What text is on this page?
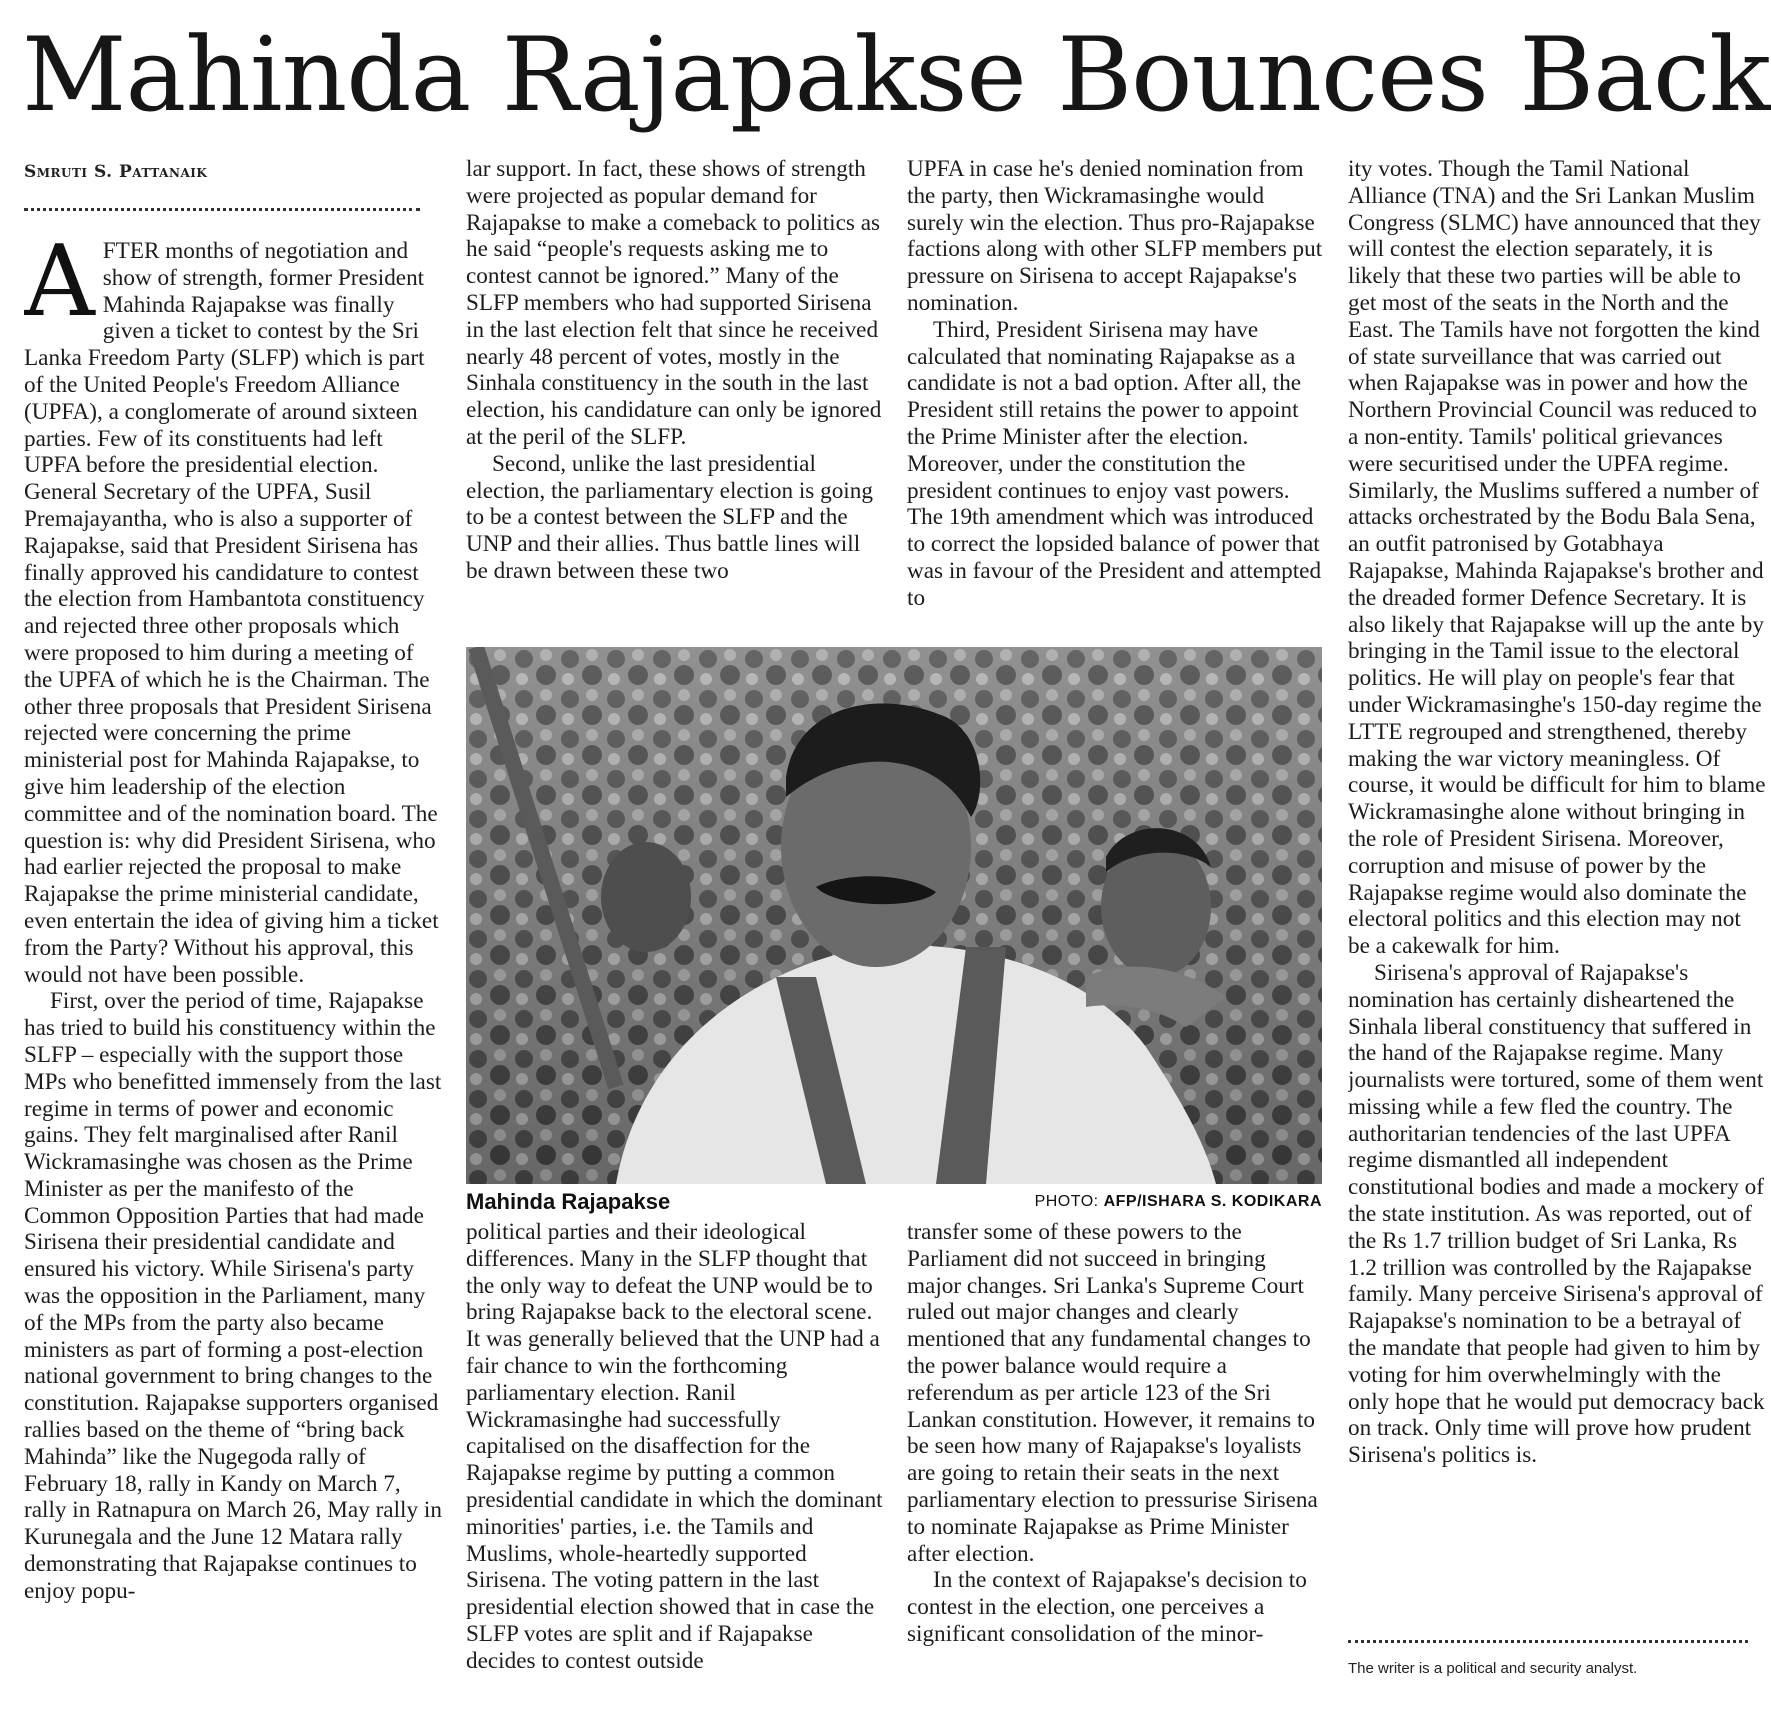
Mahinda Rajapakse Bounces Back
Smruti S. Pattanaik

AFTER months of negotiation and show of strength, former President Mahinda Rajapakse was finally given a ticket to contest by the Sri Lanka Freedom Party (SLFP) which is part of the United People's Freedom Alliance (UPFA), a conglomerate of around sixteen parties. Few of its constituents had left UPFA before the presidential election. General Secretary of the UPFA, Susil Premajayantha, who is also a supporter of Rajapakse, said that President Sirisena has finally approved his candidature to contest the election from Hambantota constituency and rejected three other proposals which were proposed to him during a meeting of the UPFA of which he is the Chairman. The other three proposals that President Sirisena rejected were concerning the prime ministerial post for Mahinda Rajapakse, to give him leadership of the election committee and of the nomination board. The question is: why did President Sirisena, who had earlier rejected the proposal to make Rajapakse the prime ministerial candidate, even entertain the idea of giving him a ticket from the Party? Without his approval, this would not have been possible.

First, over the period of time, Rajapakse has tried to build his constituency within the SLFP – especially with the support those MPs who benefitted immensely from the last regime in terms of power and economic gains. They felt marginalised after Ranil Wickramasinghe was chosen as the Prime Minister as per the manifesto of the Common Opposition Parties that had made Sirisena their presidential candidate and ensured his victory. While Sirisena's party was the opposition in the Parliament, many of the MPs from the party also became ministers as part of forming a post-election national government to bring changes to the constitution. Rajapakse supporters organised rallies based on the theme of “bring back Mahinda” like the Nugegoda rally of February 18, rally in Kandy on March 7, rally in Ratnapura on March 26, May rally in Kurunegala and the June 12 Matara rally demonstrating that Rajapakse continues to enjoy popu-

lar support. In fact, these shows of strength were projected as popular demand for Rajapakse to make a comeback to politics as he said “people's requests asking me to contest cannot be ignored.” Many of the SLFP members who had supported Sirisena in the last election felt that since he received nearly 48 percent of votes, mostly in the Sinhala constituency in the south in the last election, his candidature can only be ignored at the peril of the SLFP.

Second, unlike the last presidential election, the parliamentary election is going to be a contest between the SLFP and the UNP and their allies. Thus battle lines will be drawn between these two

UPFA in case he's denied nomination from the party, then Wickramasinghe would surely win the election. Thus pro-Rajapakse factions along with other SLFP members put pressure on Sirisena to accept Rajapakse's nomination.

Third, President Sirisena may have calculated that nominating Rajapakse as a candidate is not a bad option. After all, the President still retains the power to appoint the Prime Minister after the election. Moreover, under the constitution the president continues to enjoy vast powers. The 19th amendment which was introduced to correct the lopsided balance of power that was in favour of the President and attempted to

Mahinda Rajapakse	PHOTO: AFP/ISHARA S. KODIKARA

political parties and their ideological differences. Many in the SLFP thought that the only way to defeat the UNP would be to bring Rajapakse back to the electoral scene. It was generally believed that the UNP had a fair chance to win the forthcoming parliamentary election. Ranil Wickramasinghe had successfully capitalised on the disaffection for the Rajapakse regime by putting a common presidential candidate in which the dominant minorities' parties, i.e. the Tamils and Muslims, whole-heartedly supported Sirisena. The voting pattern in the last presidential election showed that in case the SLFP votes are split and if Rajapakse decides to contest outside

transfer some of these powers to the Parliament did not succeed in bringing major changes. Sri Lanka's Supreme Court ruled out major changes and clearly mentioned that any fundamental changes to the power balance would require a referendum as per article 123 of the Sri Lankan constitution. However, it remains to be seen how many of Rajapakse's loyalists are going to retain their seats in the next parliamentary election to pressurise Sirisena to nominate Rajapakse as Prime Minister after election.

In the context of Rajapakse's decision to contest in the election, one perceives a significant consolidation of the minor-

ity votes. Though the Tamil National Alliance (TNA) and the Sri Lankan Muslim Congress (SLMC) have announced that they will contest the election separately, it is likely that these two parties will be able to get most of the seats in the North and the East. The Tamils have not forgotten the kind of state surveillance that was carried out when Rajapakse was in power and how the Northern Provincial Council was reduced to a non-entity. Tamils' political grievances were securitised under the UPFA regime. Similarly, the Muslims suffered a number of attacks orchestrated by the Bodu Bala Sena, an outfit patronised by Gotabhaya Rajapakse, Mahinda Rajapakse's brother and the dreaded former Defence Secretary. It is also likely that Rajapakse will up the ante by bringing in the Tamil issue to the electoral politics. He will play on people's fear that under Wickramasinghe's 150-day regime the LTTE regrouped and strengthened, thereby making the war victory meaningless. Of course, it would be difficult for him to blame Wickramasinghe alone without bringing in the role of President Sirisena. Moreover, corruption and misuse of power by the Rajapakse regime would also dominate the electoral politics and this election may not be a cakewalk for him.

Sirisena's approval of Rajapakse's nomination has certainly disheartened the Sinhala liberal constituency that suffered in the hand of the Rajapakse regime. Many journalists were tortured, some of them went missing while a few fled the country. The authoritarian tendencies of the last UPFA regime dismantled all independent constitutional bodies and made a mockery of the state institution. As was reported, out of the Rs 1.7 trillion budget of Sri Lanka, Rs 1.2 trillion was controlled by the Rajapakse family. Many perceive Sirisena's approval of Rajapakse's nomination to be a betrayal of the mandate that people had given to him by voting for him overwhelmingly with the only hope that he would put democracy back on track. Only time will prove how prudent Sirisena's politics is.

The writer is a political and security analyst.
